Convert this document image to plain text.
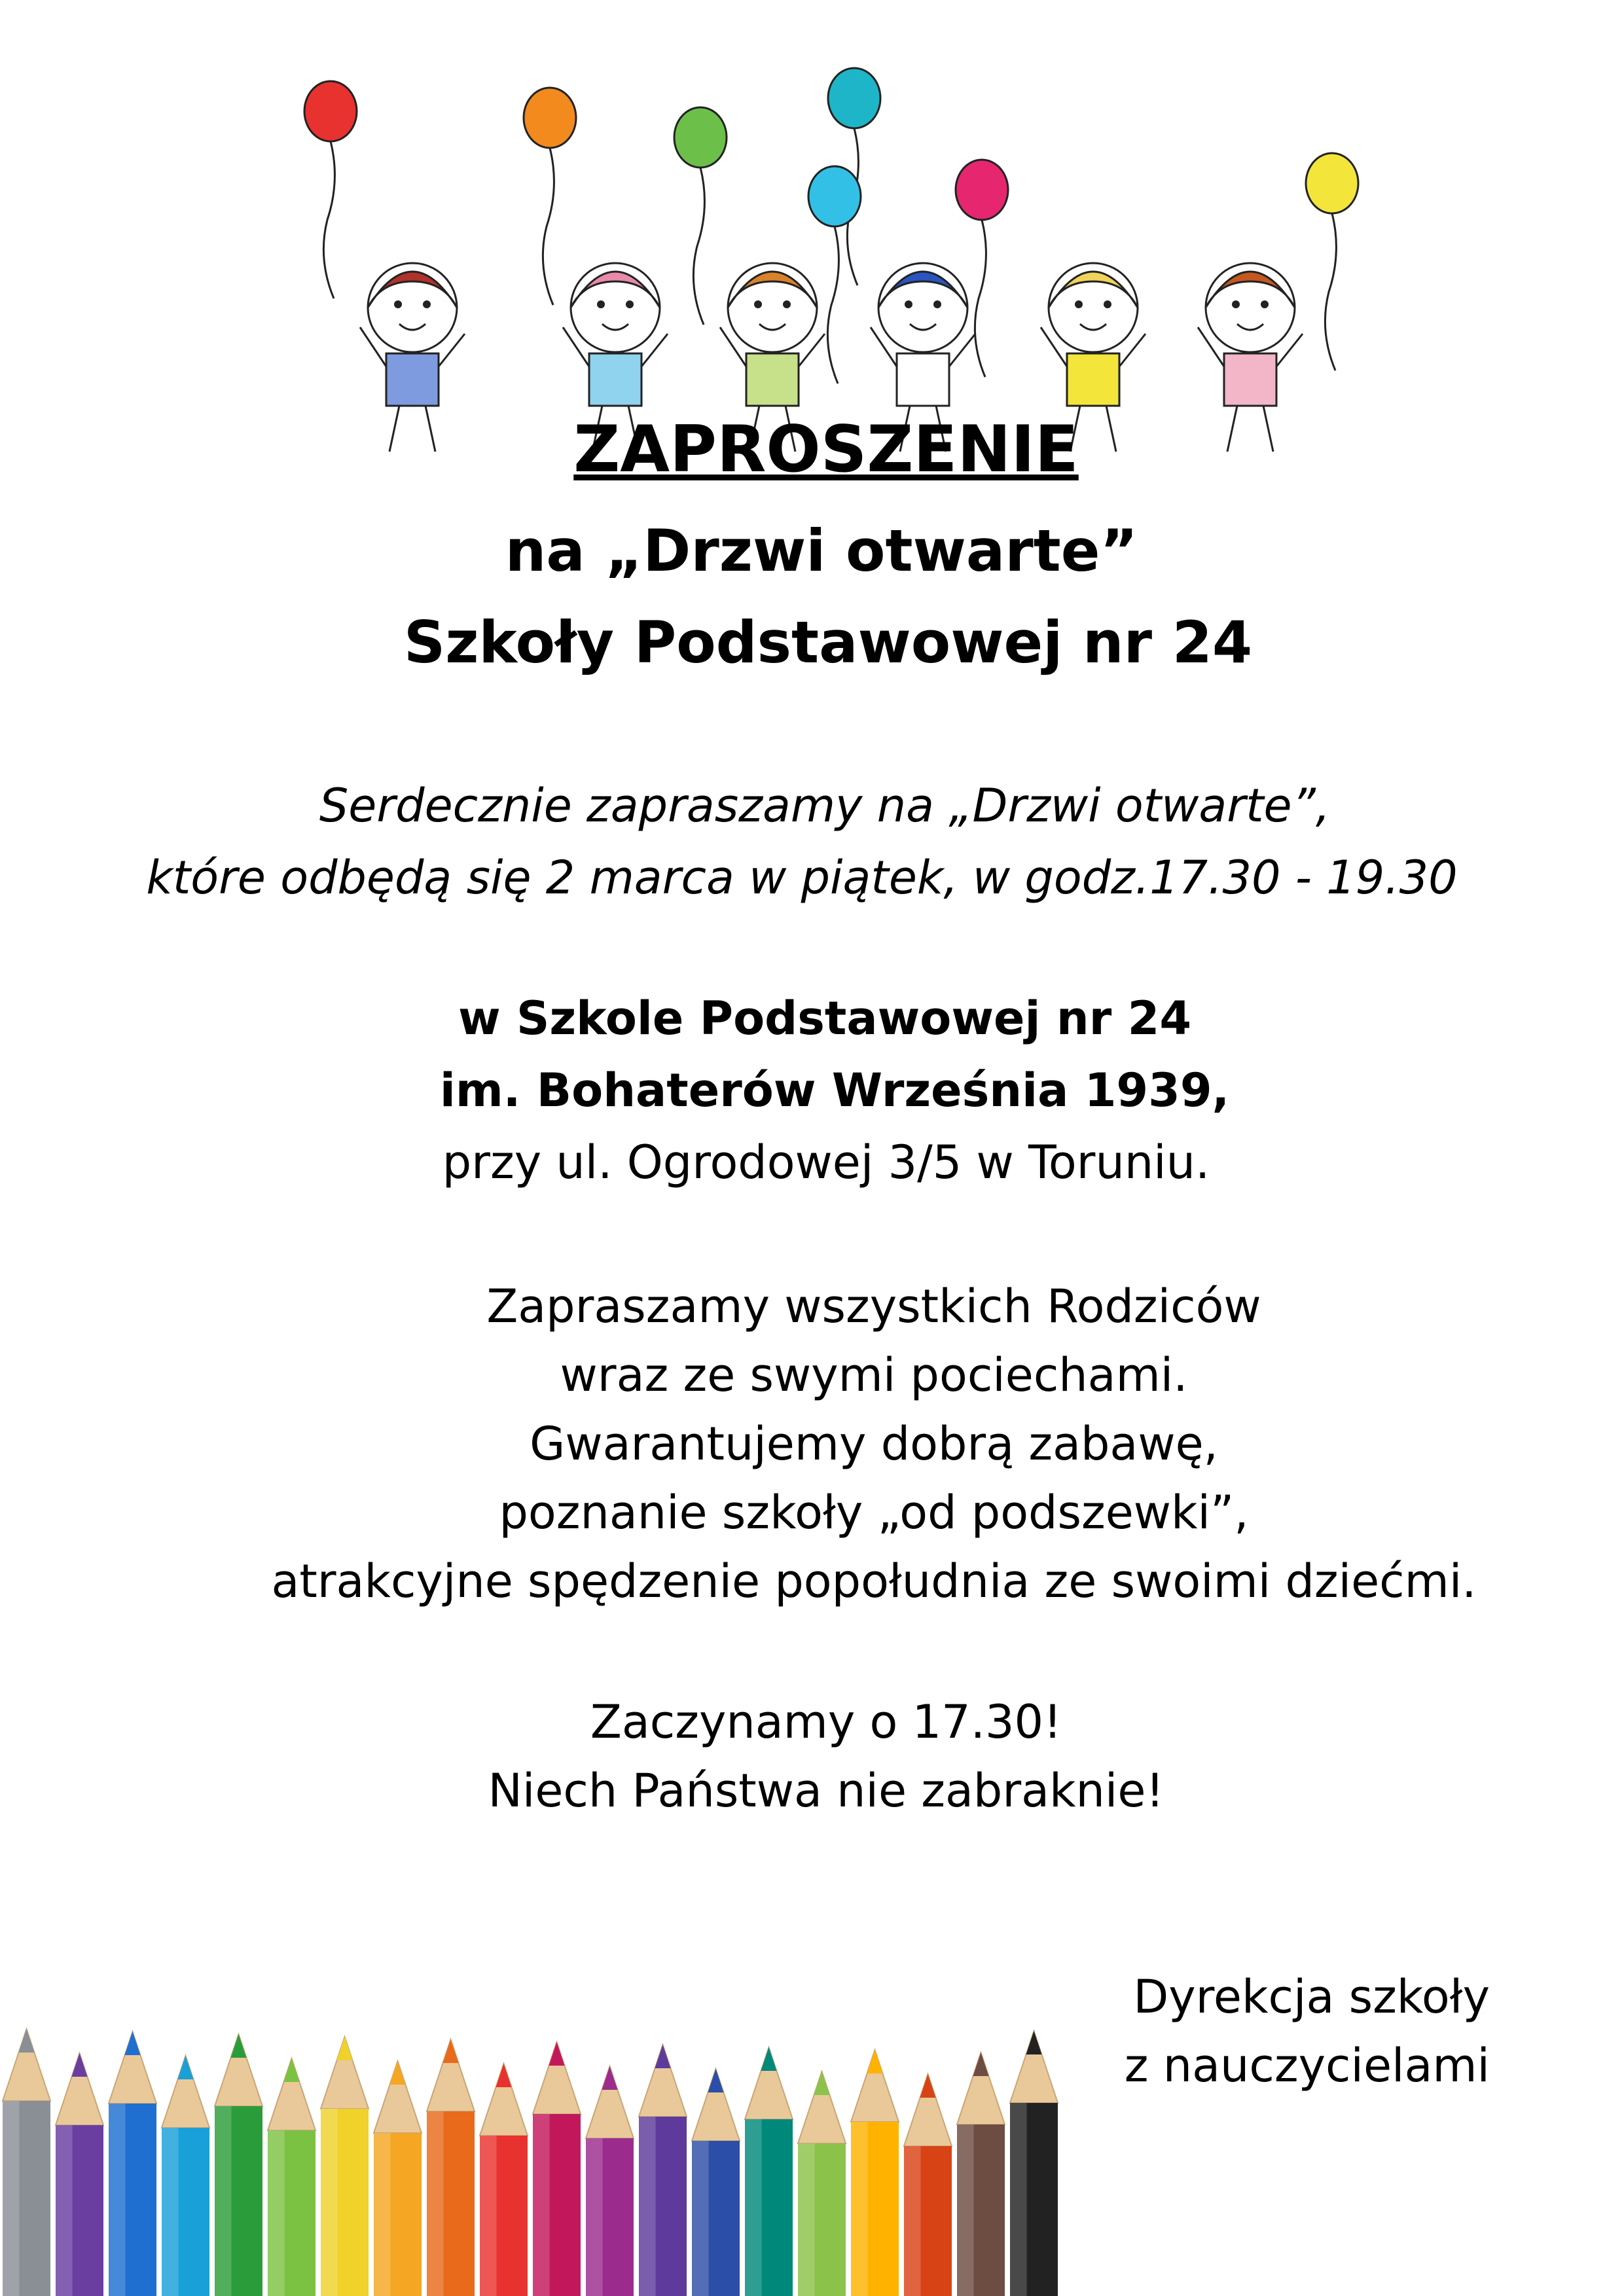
ZAPROSZENIE
na „Drzwi otwarte”
Szkoły Podstawowej nr 24
Serdecznie zapraszamy na „Drzwi otwarte”,
które odbędą się 2 marca w piątek, w godz.17.30 - 19.30
w Szkole Podstawowej nr 24
im. Bohaterów Września 1939,
przy ul. Ogrodowej 3/5 w Toruniu.
Zapraszamy wszystkich Rodziców
wraz ze swymi pociechami.
Gwarantujemy dobrą zabawę,
poznanie szkoły „od podszewki”,
atrakcyjne spędzenie popołudnia ze swoimi dziećmi.
Zaczynamy o 17.30!
Niech Państwa nie zabraknie!
Dyrekcja szkoły
z nauczycielami
